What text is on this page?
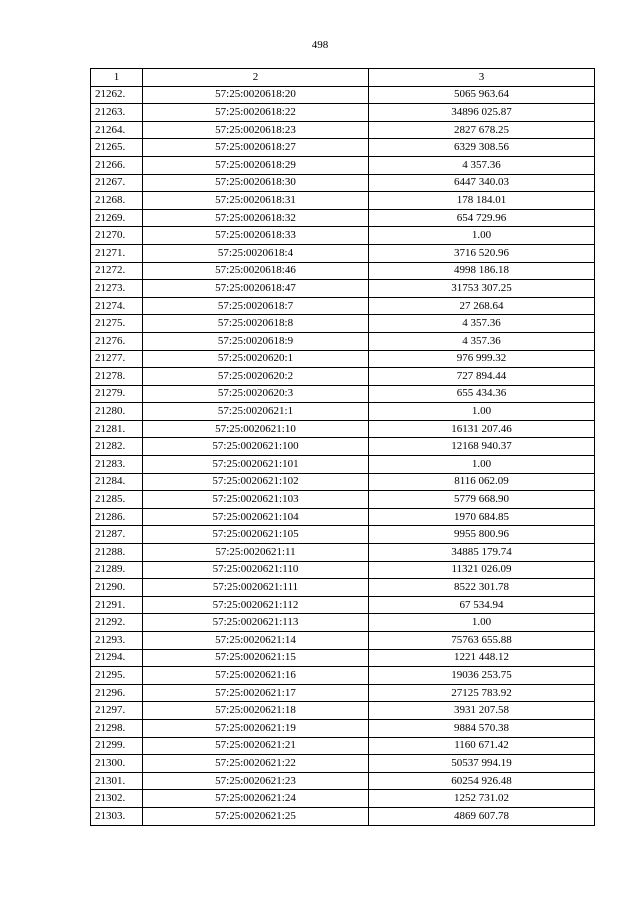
498
1	2	3
21262.	57:25:0020618:20	5065 963.64
21263.	57:25:0020618:22	34896 025.87
21264.	57:25:0020618:23	2827 678.25
21265.	57:25:0020618:27	6329 308.56
21266.	57:25:0020618:29	4 357.36
21267.	57:25:0020618:30	6447 340.03
21268.	57:25:0020618:31	178 184.01
21269.	57:25:0020618:32	654 729.96
21270.	57:25:0020618:33	1.00
21271.	57:25:0020618:4	3716 520.96
21272.	57:25:0020618:46	4998 186.18
21273.	57:25:0020618:47	31753 307.25
21274.	57:25:0020618:7	27 268.64
21275.	57:25:0020618:8	4 357.36
21276.	57:25:0020618:9	4 357.36
21277.	57:25:0020620:1	976 999.32
21278.	57:25:0020620:2	727 894.44
21279.	57:25:0020620:3	655 434.36
21280.	57:25:0020621:1	1.00
21281.	57:25:0020621:10	16131 207.46
21282.	57:25:0020621:100	12168 940.37
21283.	57:25:0020621:101	1.00
21284.	57:25:0020621:102	8116 062.09
21285.	57:25:0020621:103	5779 668.90
21286.	57:25:0020621:104	1970 684.85
21287.	57:25:0020621:105	9955 800.96
21288.	57:25:0020621:11	34885 179.74
21289.	57:25:0020621:110	11321 026.09
21290.	57:25:0020621:111	8522 301.78
21291.	57:25:0020621:112	67 534.94
21292.	57:25:0020621:113	1.00
21293.	57:25:0020621:14	75763 655.88
21294.	57:25:0020621:15	1221 448.12
21295.	57:25:0020621:16	19036 253.75
21296.	57:25:0020621:17	27125 783.92
21297.	57:25:0020621:18	3931 207.58
21298.	57:25:0020621:19	9884 570.38
21299.	57:25:0020621:21	1160 671.42
21300.	57:25:0020621:22	50537 994.19
21301.	57:25:0020621:23	60254 926.48
21302.	57:25:0020621:24	1252 731.02
21303.	57:25:0020621:25	4869 607.78
